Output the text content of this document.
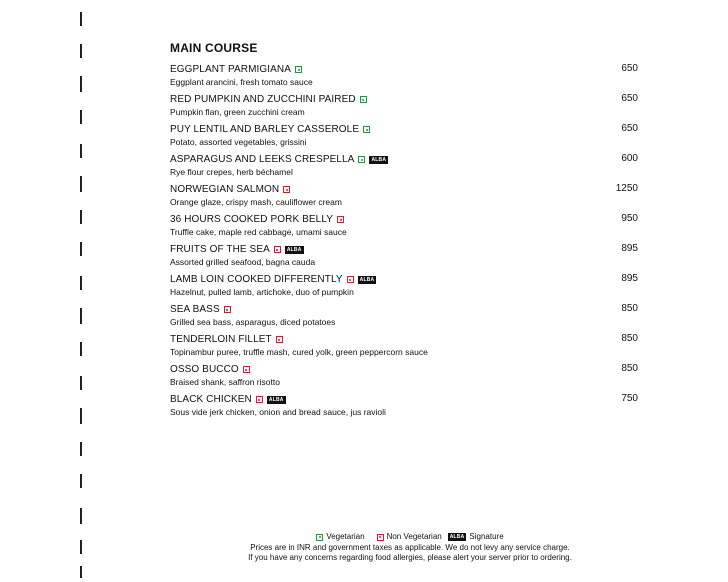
MAIN COURSE
EGGPLANT PARMIGIANA
Eggplant arancini, fresh tomato sauce
650
RED PUMPKIN AND ZUCCHINI PAIRED
Pumpkin flan, green zucchini cream
650
PUY LENTIL AND BARLEY CASSEROLE
Potato, assorted vegetables, grissini
650
ASPARAGUS AND LEEKS CRESPELLA	ALBA
Rye flour crepes, herb béchamel
600
NORWEGIAN SALMON
Orange glaze, crispy mash, cauliflower cream
1250
36 HOURS COOKED PORK BELLY
Truffle cake, maple red cabbage, umami sauce
950
FRUITS OF THE SEA	ALBA
Assorted grilled seafood, bagna cauda
895
LAMB LOIN COOKED DIFFERENTLY	ALBA
Hazelnut, pulled lamb, artichoke, duo of pumpkin
895
SEA BASS
Grilled sea bass, asparagus, diced potatoes
850
TENDERLOIN FILLET
Topinambur puree, truffle mash, cured yolk, green peppercorn sauce
850
OSSO BUCCO
Braised shank, saffron risotto
850
BLACK CHICKEN	ALBA
Sous vide jerk chicken, onion and bread sauce, jus ravioli
750
Vegetarian	Non Vegetarian	ALBA Signature
Prices are in INR and government taxes as applicable. We do not levy any service charge.
If you have any concerns regarding food allergies, please alert your server prior to ordering.
